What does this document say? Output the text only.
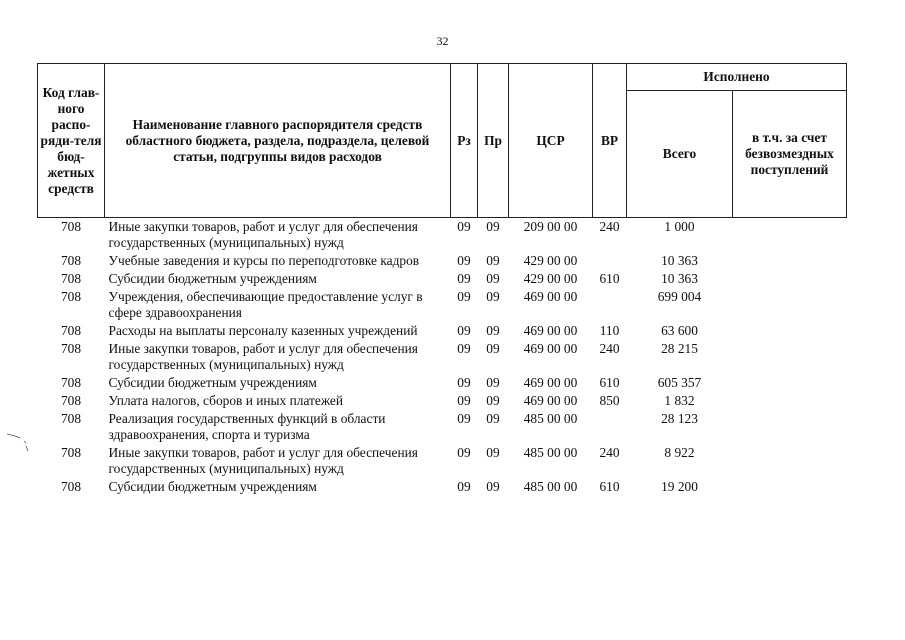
32
Код глав-ного распо-ряди-теля бюд-жетных средств	Наименование главного распорядителя средств областного бюджета, раздела, подраздела, целевой статьи, подгруппы видов расходов	Рз	Пр	ЦСР	ВР	Исполнено	
						Всего	в т.ч. за счет безвозмездных поступлений
708	Иные закупки товаров, работ и услуг для обеспечения государственных (муниципальных) нужд	09	09	209 00 00	240	1 000	
708	Учебные заведения и курсы по переподготовке кадров	09	09	429 00 00		10 363	
708	Субсидии бюджетным учреждениям	09	09	429 00 00	610	10 363	
708	Учреждения, обеспечивающие предоставление услуг в сфере здравоохранения	09	09	469 00 00		699 004	
708	Расходы на выплаты персоналу казенных учреждений	09	09	469 00 00	110	63 600	
708	Иные закупки товаров, работ и услуг для обеспечения государственных (муниципальных) нужд	09	09	469 00 00	240	28 215	
708	Субсидии бюджетным учреждениям	09	09	469 00 00	610	605 357	
708	Уплата налогов, сборов и иных платежей	09	09	469 00 00	850	1 832	
708	Реализация государственных функций в области здравоохранения, спорта и туризма	09	09	485 00 00		28 123	
708	Иные закупки товаров, работ и услуг для обеспечения государственных (муниципальных) нужд	09	09	485 00 00	240	8 922	
708	Субсидии бюджетным учреждениям	09	09	485 00 00	610	19 200	
